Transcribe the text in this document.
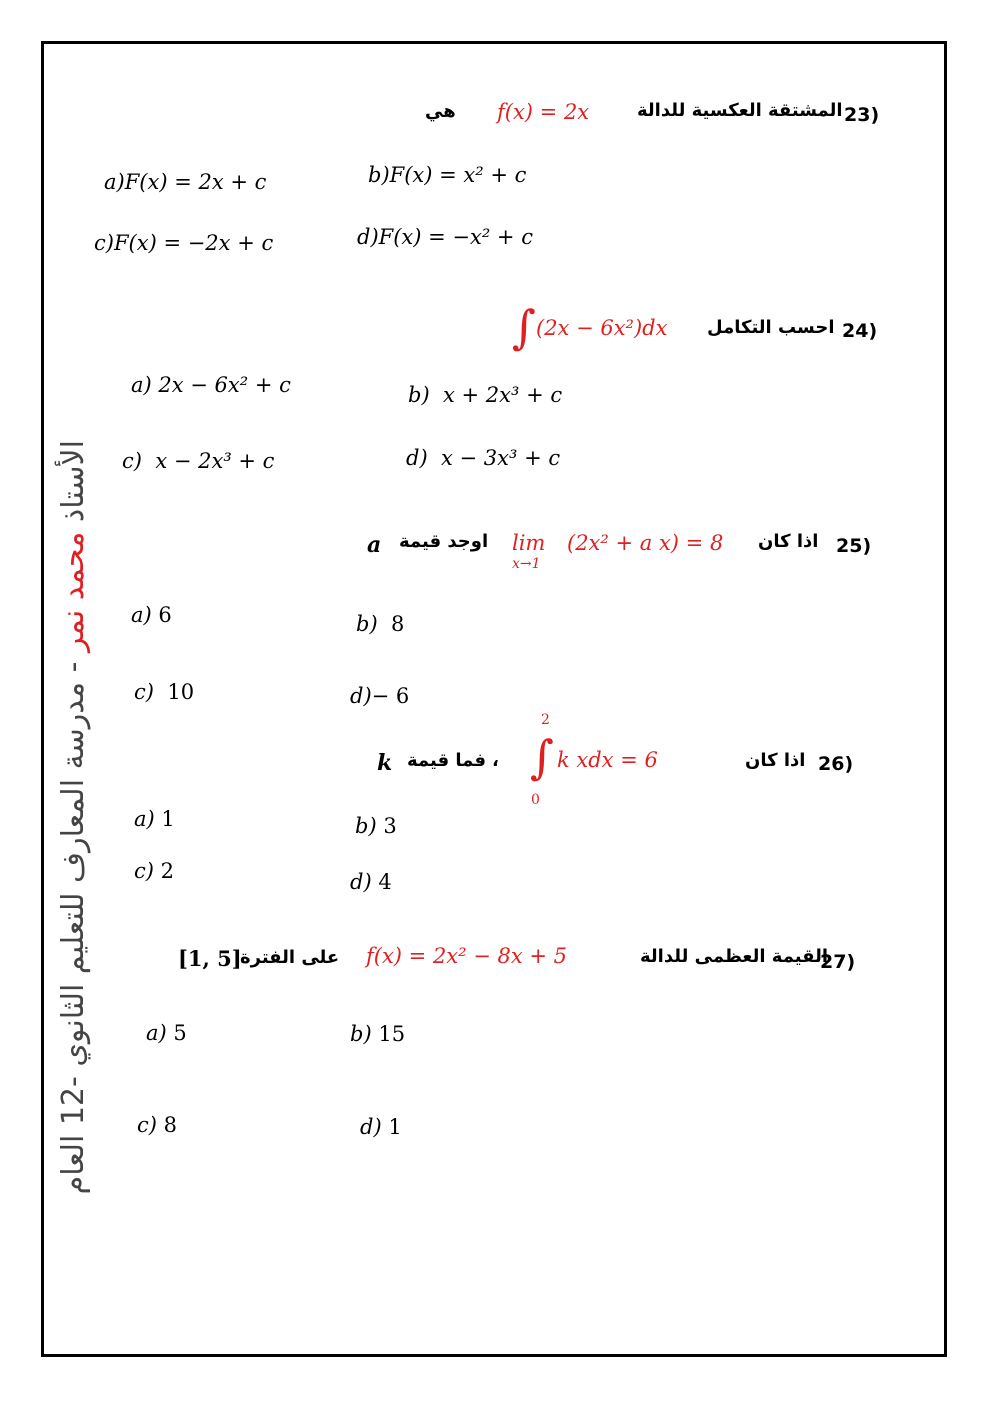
الأستاذ محمد نمر - مدرسة المعارف للتعليم الثانوي -12 العام
23)
المشتقة العكسية للدالة
f(x) = 2x
هي
a)F(x) = 2x + c	b)F(x) = x² + c
c)F(x) = −2x + c	d)F(x) = −x² + c
24)
احسب التكامل
∫ (2x − 6x²)dx
a) 2x − 6x² + c	b) x + 2x³ + c
c) x − 2x³ + c	d) x − 3x³ + c
25)
اذا كان
lim
x→1
(2x² + a x) = 8
اوجد قيمة
a
a) 6	b) 8
c) 10	d)− 6
26)
اذا كان
2
∫
0
k xdx = 6
،
فما قيمة
k
a) 1	b) 3
c) 2	d) 4
27)
القيمة العظمى للدالة
f(x) = 2x² − 8x + 5
على الفترة
[1, 5]
a) 5	b) 15
c) 8	d) 1
